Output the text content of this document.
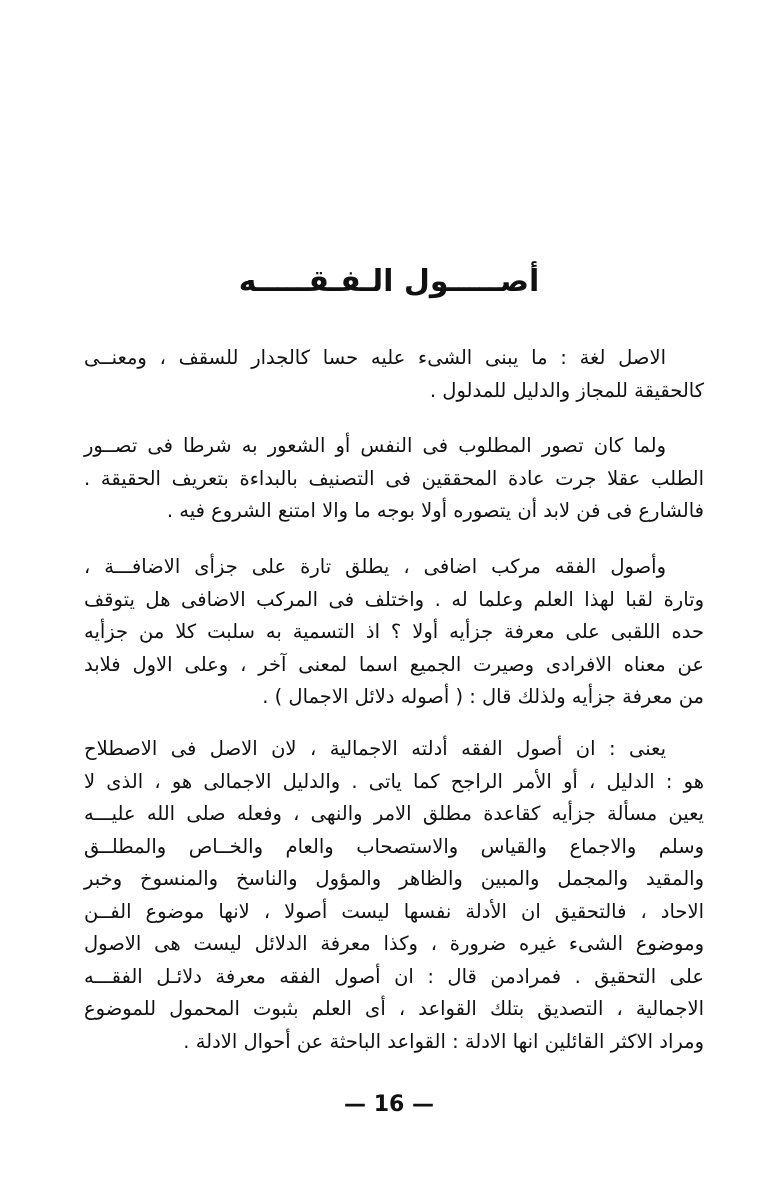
أصـــــول الـفـقـــــه
الاصل لغة : ما يبنى الشىء عليه حسا كالجدار للسقف ، ومعنــى
كالحقيقة للمجاز والدليل للمدلول .
ولما كان تصور المطلوب فى النفس أو الشعور به شرطا فى تصــور
الطلب عقلا جرت عادة المحققين فى التصنيف بالبداءة بتعريف الحقيقة .
فالشارع فى فن لابد أن يتصوره أولا بوجه ما والا امتنع الشروع فيه .
وأصول الفقه مركب اضافى ، يطلق تارة على جزأى الاضافـــة ،
وتارة لقبا لهذا العلم وعلما له . واختلف فى المركب الاضافى هل يتوقف
حده اللقبى على معرفة جزأيه أولا ؟ اذ التسمية به سلبت كلا من جزأيه
عن معناه الافرادى وصيرت الجميع اسما لمعنى آخر ، وعلى الاول فلابد
من معرفة جزأيه ولذلك قال : ( أصوله دلائل الاجمال ) .
يعنى : ان أصول الفقه أدلته الاجمالية ، لان الاصل فى الاصطلاح
هو : الدليل ، أو الأمر الراجح كما ياتى . والدليل الاجمالى هو ، الذى لا
يعين مسألة جزأيه كقاعدة مطلق الامر والنهى ، وفعله صلى الله عليـــه
وسلم والاجماع والقياس والاستصحاب والعام والخــاص والمطلــق
والمقيد والمجمل والمبين والظاهر والمؤول والناسخ والمنسوخ وخبر
الاحاد ، فالتحقيق ان الأدلة نفسها ليست أصولا ، لانها موضوع الفــن
وموضوع الشىء غيره ضرورة ، وكذا معرفة الدلائل ليست هى الاصول
على التحقيق . فمرادمن قال : ان أصول الفقه معرفة دلائـل الفقـــه
الاجمالية ، التصديق بتلك القواعد ، أى العلم بثبوت المحمول للموضوع
ومراد الاكثر القائلين انها الادلة : القواعد الباحثة عن أحوال الادلة .
— 16 —
